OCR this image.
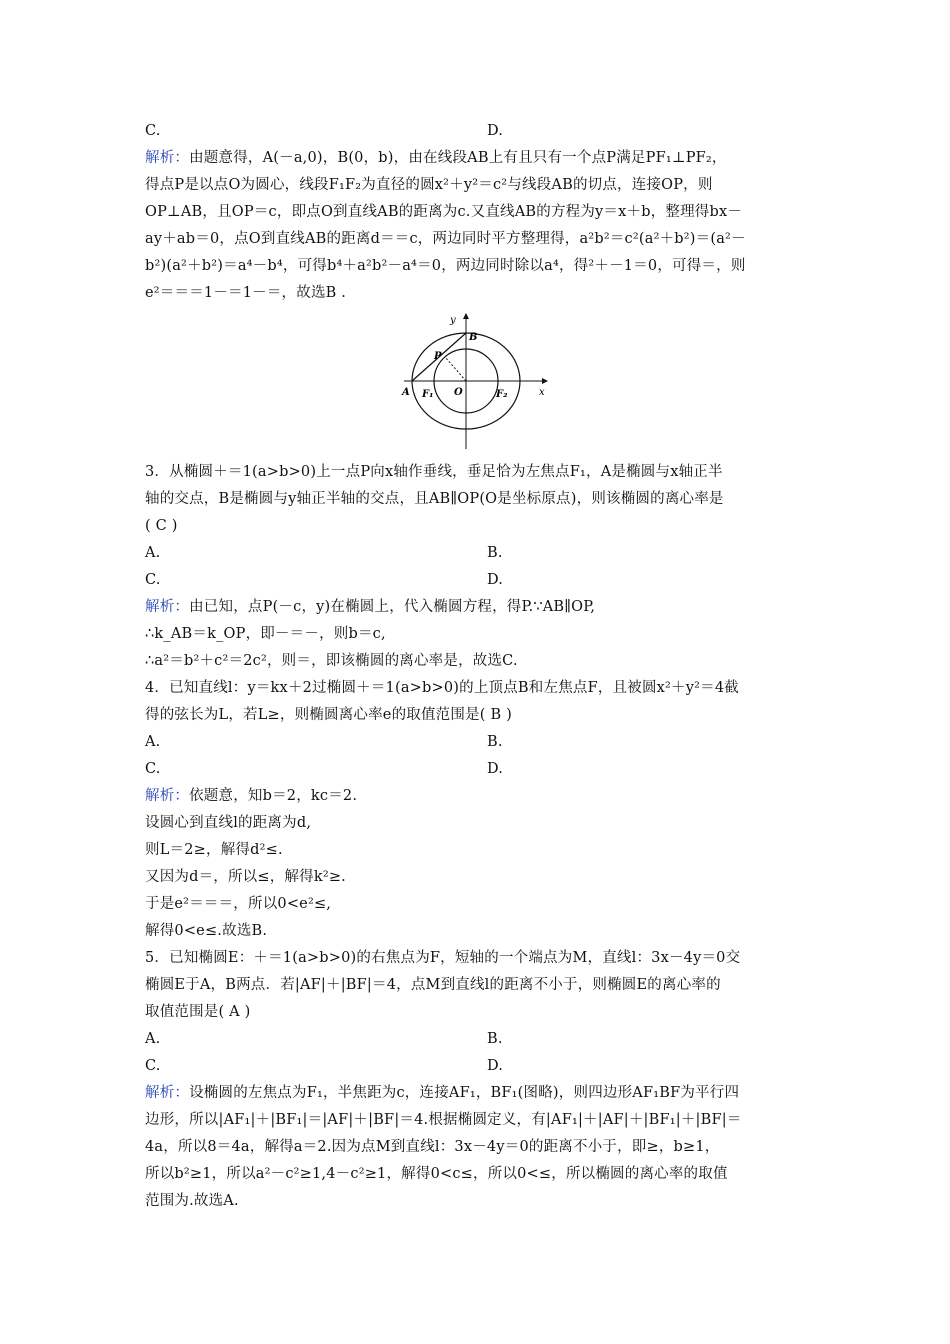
C.	D.
解析：由题意得，A(－a,0)，B(0，b)，由在线段AB上有且只有一个点P满足PF₁⊥PF₂，
得点P是以点O为圆心，线段F₁F₂为直径的圆x²＋y²＝c²与线段AB的切点，连接OP，则
OP⊥AB，且OP＝c，即点O到直线AB的距离为c.又直线AB的方程为y＝x＋b，整理得bx－
ay＋ab＝0，点O到直线AB的距离d＝＝c，两边同时平方整理得，a²b²＝c²(a²＋b²)＝(a²－
b²)(a²＋b²)＝a⁴－b⁴，可得b⁴＋a²b²－a⁴＝0，两边同时除以a⁴，得²＋－1＝0，可得＝，则
e²＝＝＝1－＝1－＝，故选B .
y
x
B
P
A F₁ O	F₂
3．从椭圆＋＝1(a>b>0)上一点P向x轴作垂线，垂足恰为左焦点F₁，A是椭圆与x轴正半
轴的交点，B是椭圆与y轴正半轴的交点，且AB∥OP(O是坐标原点)，则该椭圆的离心率是
( C )
A.	B.
C.	D.
解析：由已知，点P(－c，y)在椭圆上，代入椭圆方程，得P.∵AB∥OP,
∴k_AB＝k_OP，即－＝－，则b＝c,
∴a²＝b²＋c²＝2c²，则＝，即该椭圆的离心率是，故选C.
4．已知直线l：y＝kx＋2过椭圆＋＝1(a>b>0)的上顶点B和左焦点F，且被圆x²＋y²＝4截
得的弦长为L，若L≥，则椭圆离心率e的取值范围是( B )
A.	B.
C.	D.
解析：依题意，知b＝2，kc＝2.
设圆心到直线l的距离为d,
则L＝2≥，解得d²≤.
又因为d＝，所以≤，解得k²≥.
于是e²＝＝＝，所以0<e²≤,
解得0<e≤.故选B.
5．已知椭圆E：＋＝1(a>b>0)的右焦点为F，短轴的一个端点为M，直线l：3x－4y＝0交
椭圆E于A，B两点．若|AF|＋|BF|＝4，点M到直线l的距离不小于，则椭圆E的离心率的
取值范围是( A )
A.	B.
C.	D.
解析：设椭圆的左焦点为F₁，半焦距为c，连接AF₁，BF₁(图略)，则四边形AF₁BF为平行四
边形，所以|AF₁|＋|BF₁|＝|AF|＋|BF|＝4.根据椭圆定义，有|AF₁|＋|AF|＋|BF₁|＋|BF|＝
4a，所以8＝4a，解得a＝2.因为点M到直线l：3x－4y＝0的距离不小于，即≥，b≥1，
所以b²≥1，所以a²－c²≥1,4－c²≥1，解得0<c≤，所以0<≤，所以椭圆的离心率的取值
范围为.故选A.
